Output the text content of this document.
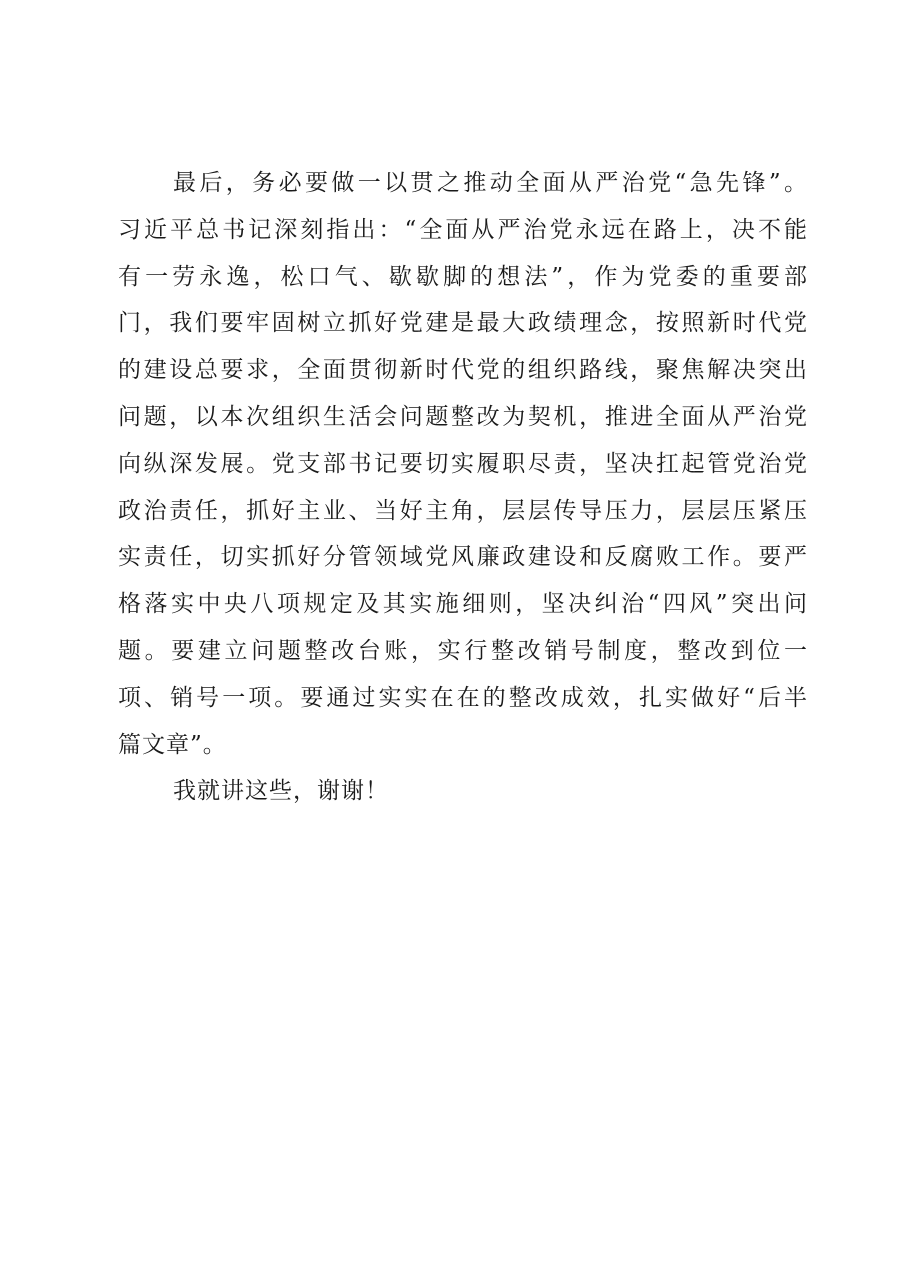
最后，务必要做一以贯之推动全面从严治党“急先锋”。
习近平总书记深刻指出：“全面从严治党永远在路上，决不能
有一劳永逸，松口气、歇歇脚的想法”，作为党委的重要部
门，我们要牢固树立抓好党建是最大政绩理念，按照新时代党
的建设总要求，全面贯彻新时代党的组织路线，聚焦解决突出
问题，以本次组织生活会问题整改为契机，推进全面从严治党
向纵深发展。党支部书记要切实履职尽责，坚决扛起管党治党
政治责任，抓好主业、当好主角，层层传导压力，层层压紧压
实责任，切实抓好分管领域党风廉政建设和反腐败工作。要严
格落实中央八项规定及其实施细则，坚决纠治“四风”突出问
题。要建立问题整改台账，实行整改销号制度，整改到位一
项、销号一项。要通过实实在在的整改成效，扎实做好“后半
篇文章”。
我就讲这些，谢谢！
